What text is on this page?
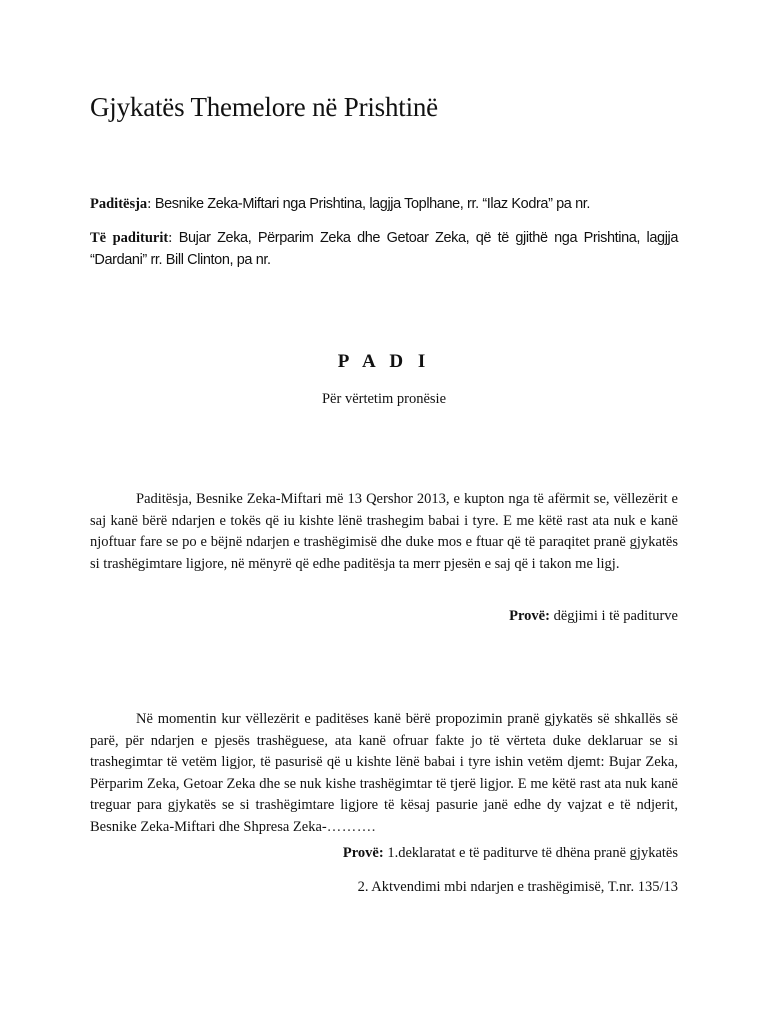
Gjykatës Themelore në Prishtinë
Paditësja: Besnike Zeka-Miftari nga Prishtina, lagjja Toplhane, rr. “Ilaz Kodra” pa nr.
Të paditurit: Bujar Zeka, Përparim Zeka dhe Getoar Zeka, që të gjithë nga Prishtina, lagjja “Dardani” rr. Bill Clinton, pa nr.
P A D I
Për vërtetim pronësie
Paditësja, Besnike Zeka-Miftari më 13 Qershor 2013, e kupton nga të afërmit se, vëllezërit e saj kanë bërë ndarjen e tokës që iu kishte lënë trashegim babai i tyre. E me këtë rast ata nuk e kanë njoftuar fare se po e bëjnë ndarjen e trashëgimisë dhe duke mos e ftuar që të paraqitet pranë gjykatës si trashëgimtare ligjore, në mënyrë që edhe paditësja ta merr pjesën e saj që i takon me ligj.
Provë: dëgjimi i të paditurve
Në momentin kur vëllezërit e paditëses kanë bërë propozimin pranë gjykatës së shkallës së parë, për ndarjen e pjesës trashëguese, ata kanë ofruar fakte jo të vërteta duke deklaruar se si trashegimtar të vetëm ligjor, të pasurisë që u kishte lënë babai i tyre ishin vetëm djemt: Bujar Zeka, Përparim Zeka, Getoar Zeka dhe se nuk kishe trashëgimtar të tjerë ligjor. E me këtë rast ata nuk kanë treguar para gjykatës se si trashëgimtare ligjore të kësaj pasurie janë edhe dy vajzat e të ndjerit, Besnike Zeka-Miftari dhe Shpresa Zeka-……….
Provë: 1.deklaratat e të paditurve të dhëna pranë gjykatës
2. Aktvendimi mbi ndarjen e trashëgimisë, T.nr. 135/13
